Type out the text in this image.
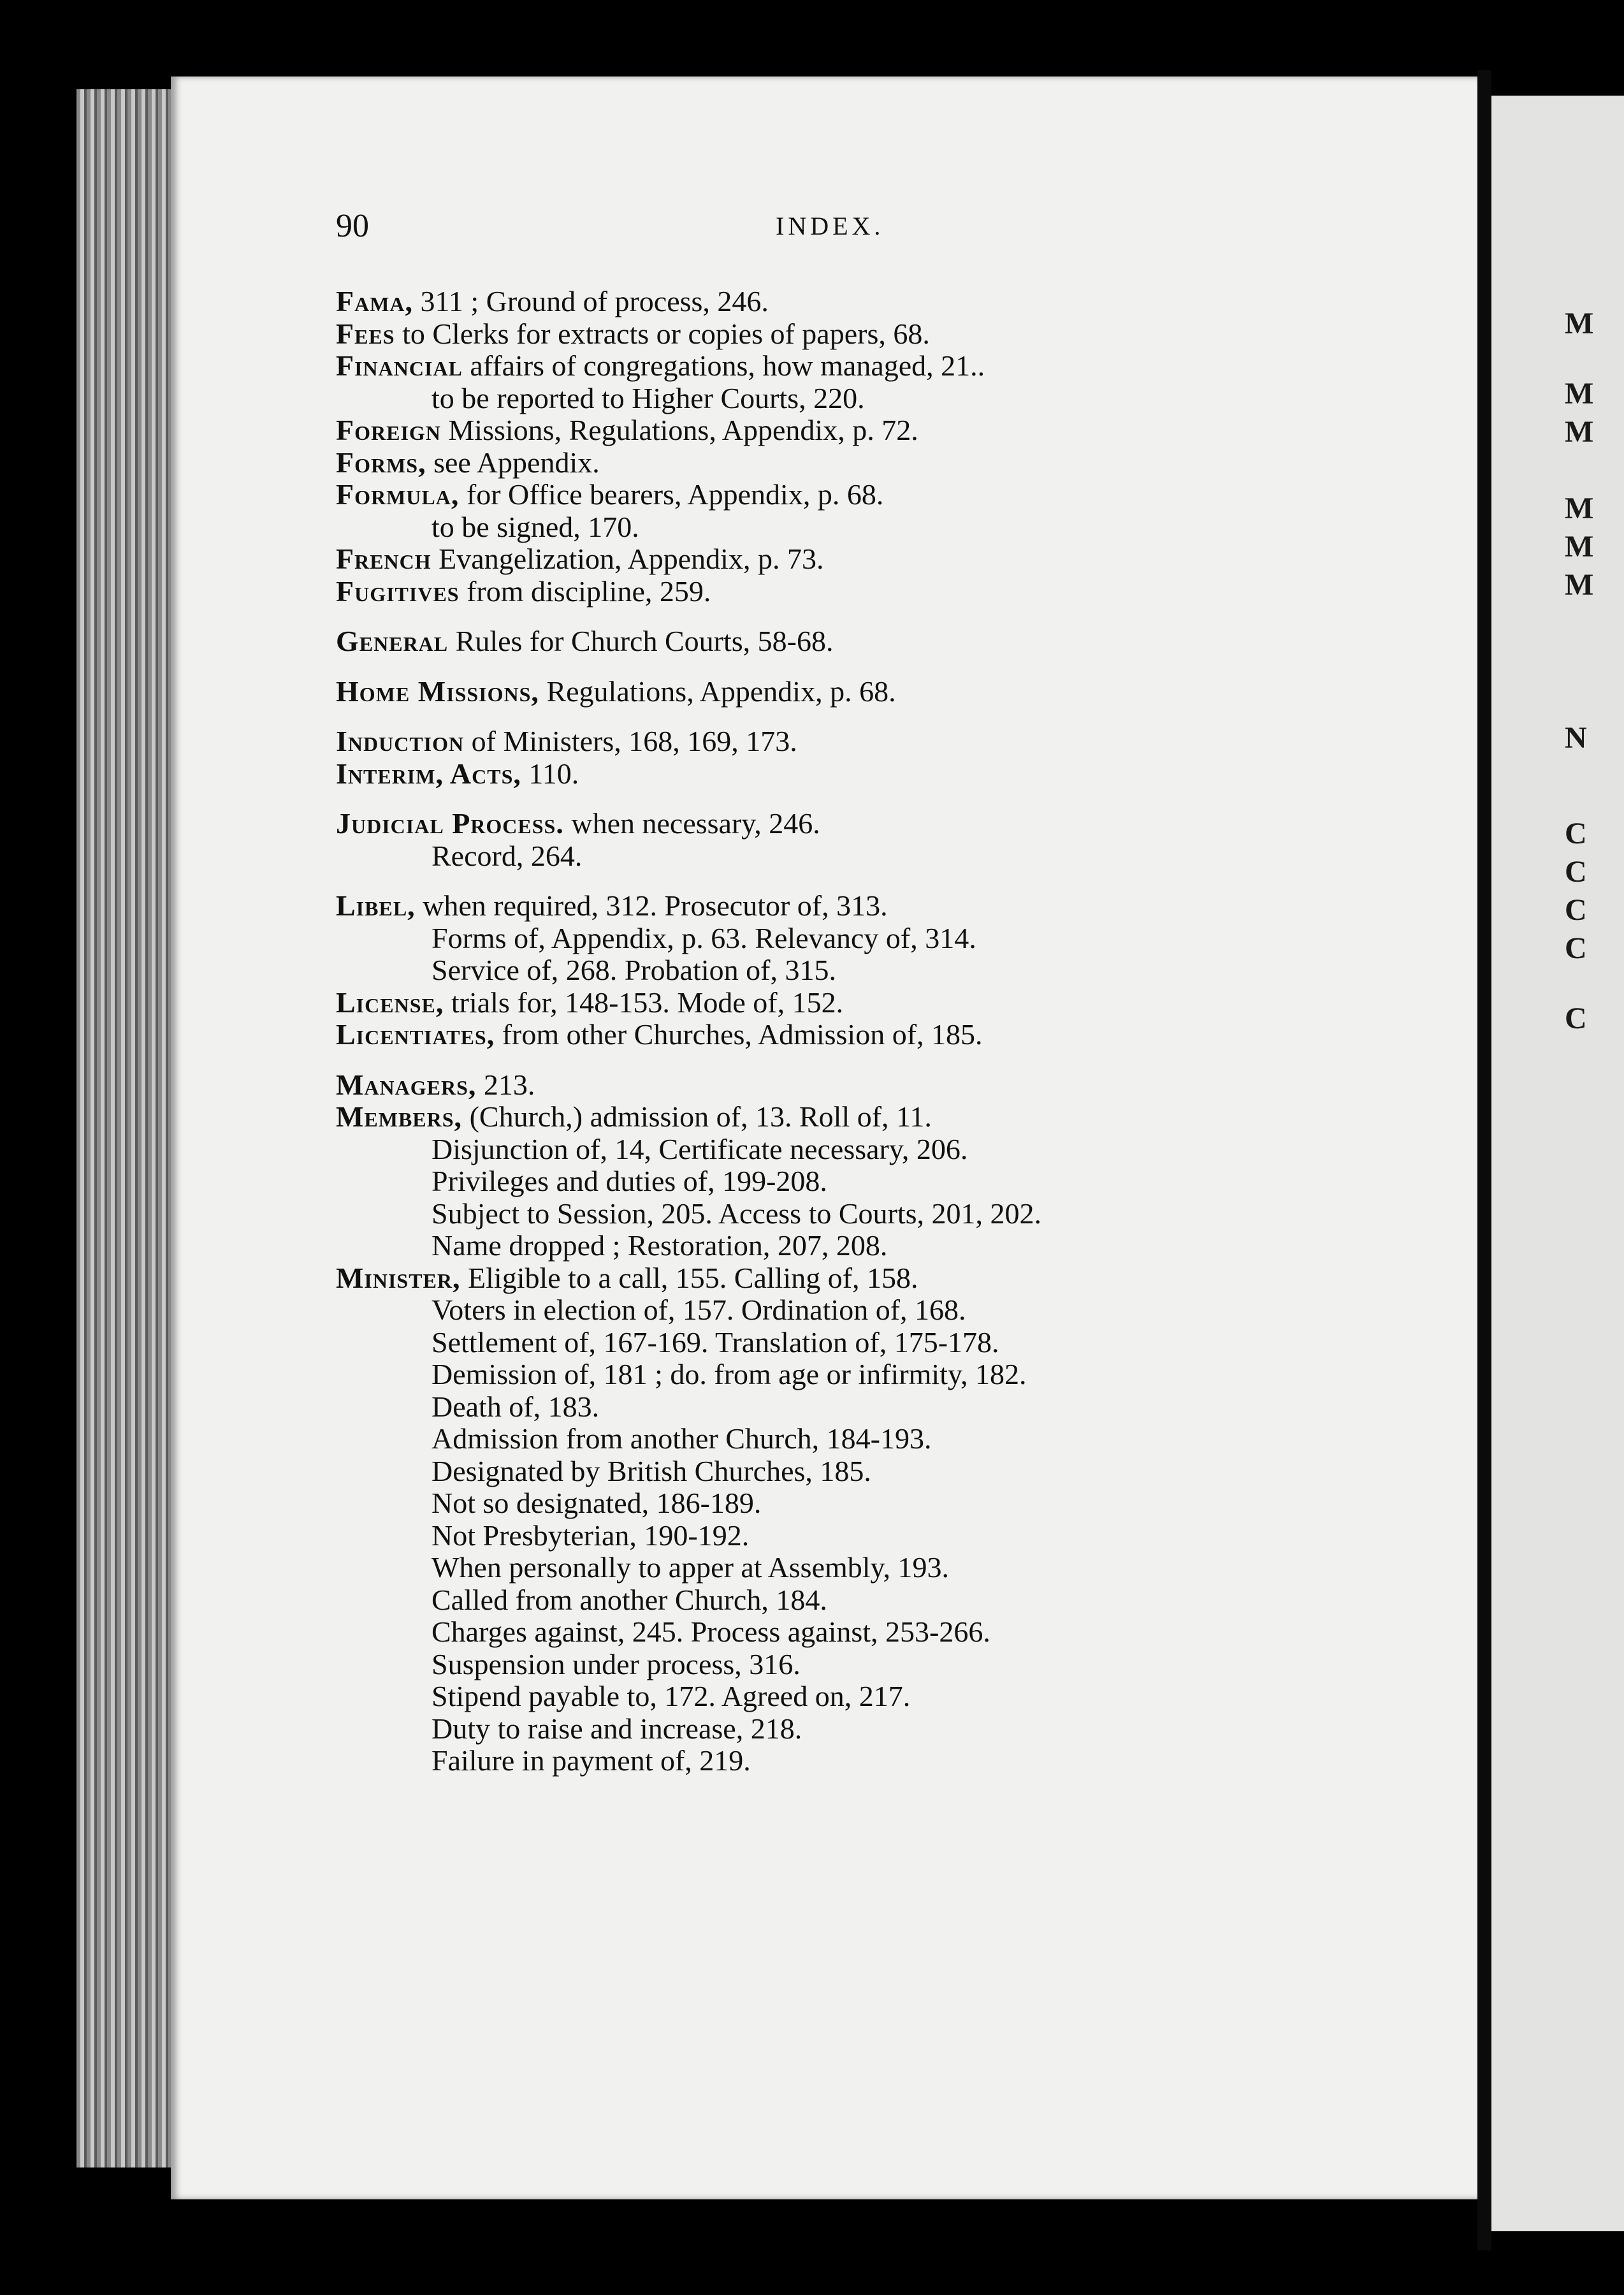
M
M
M
M
M
M
N
C
C
C
C
C
90	INDEX.
Fama, 311 ; Ground of process, 246.
Fees to Clerks for extracts or copies of papers, 68.
Financial affairs of congregations, how managed, 21..
to be reported to Higher Courts, 220.
Foreign Missions, Regulations, Appendix, p. 72.
Forms, see Appendix.
Formula, for Office bearers, Appendix, p. 68.
to be signed, 170.
French Evangelization, Appendix, p. 73.
Fugitives from discipline, 259.
General Rules for Church Courts, 58-68.
Home Missions, Regulations, Appendix, p. 68.
Induction of Ministers, 168, 169, 173.
Interim, Acts, 110.
Judicial Process. when necessary, 246.
Record, 264.
Libel, when required, 312. Prosecutor of, 313.
Forms of, Appendix, p. 63. Relevancy of, 314.
Service of, 268. Probation of, 315.
License, trials for, 148-153. Mode of, 152.
Licentiates, from other Churches, Admission of, 185.
Managers, 213.
Members, (Church,) admission of, 13. Roll of, 11.
Disjunction of, 14, Certificate necessary, 206.
Privileges and duties of, 199-208.
Subject to Session, 205. Access to Courts, 201, 202.
Name dropped ; Restoration, 207, 208.
Minister, Eligible to a call, 155. Calling of, 158.
Voters in election of, 157. Ordination of, 168.
Settlement of, 167-169. Translation of, 175-178.
Demission of, 181 ; do. from age or infirmity, 182.
Death of, 183.
Admission from another Church, 184-193.
Designated by British Churches, 185.
Not so designated, 186-189.
Not Presbyterian, 190-192.
When personally to apper at Assembly, 193.
Called from another Church, 184.
Charges against, 245. Process against, 253-266.
Suspension under process, 316.
Stipend payable to, 172. Agreed on, 217.
Duty to raise and increase, 218.
Failure in payment of, 219.
